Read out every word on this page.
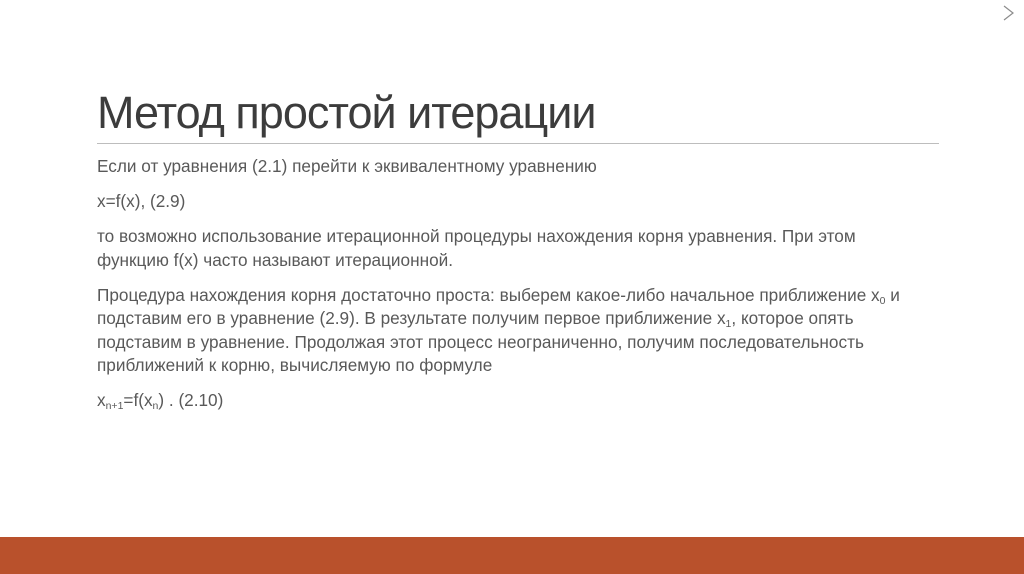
Метод простой итерации

Если от уравнения (2.1) перейти к эквивалентному уравнению

x=f(x), (2.9)

то возможно использование итерационной процедуры нахождения корня уравнения. При этом функцию f(x) часто называют итерационной.

Процедура нахождения корня достаточно проста: выберем какое-либо начальное приближение $x_0$ и подставим его в уравнение (2.9). В результате получим первое приближение $x_1$, которое опять подставим в уравнение. Продолжая этот процесс неограниченно, получим последовательность приближений к корню, вычисляемую по формуле

$x_{n+1}=f(x_n)$ . (2.10)
